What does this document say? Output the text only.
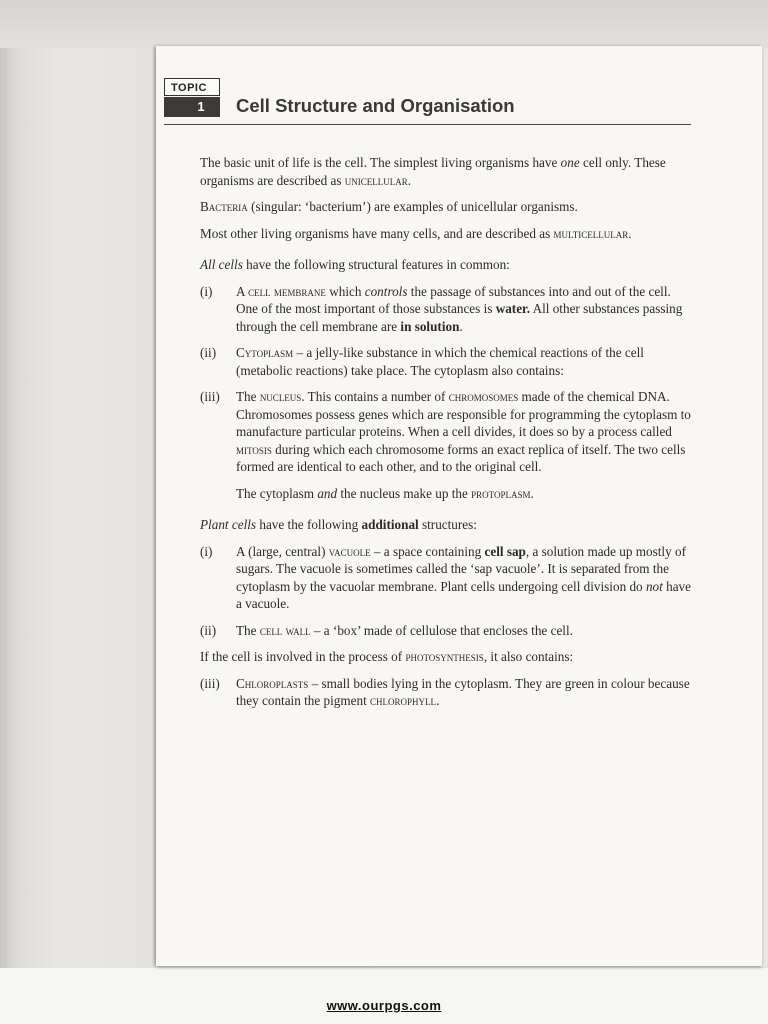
TOPIC
1	Cell Structure and Organisation

The basic unit of life is the cell. The simplest living organisms have one cell only. These organisms are described as unicellular.

Bacteria (singular: ‘bacterium’) are examples of unicellular organisms.

Most other living organisms have many cells, and are described as multicellular.

All cells have the following structural features in common:

(i) A cell membrane which controls the passage of substances into and out of the cell. One of the most important of those substances is water. All other substances passing through the cell membrane are in solution.
(ii) Cytoplasm – a jelly-like substance in which the chemical reactions of the cell (metabolic reactions) take place. The cytoplasm also contains:
(iii) The nucleus. This contains a number of chromosomes made of the chemical DNA. Chromosomes possess genes which are responsible for programming the cytoplasm to manufacture particular proteins. When a cell divides, it does so by a process called mitosis during which each chromosome forms an exact replica of itself. The two cells formed are identical to each other, and to the original cell.

The cytoplasm and the nucleus make up the protoplasm.

Plant cells have the following additional structures:

(i) A (large, central) vacuole – a space containing cell sap, a solution made up mostly of sugars. The vacuole is sometimes called the ‘sap vacuole’. It is separated from the cytoplasm by the vacuolar membrane. Plant cells undergoing cell division do not have a vacuole.
(ii) The cell wall – a ‘box’ made of cellulose that encloses the cell.

If the cell is involved in the process of photosynthesis, it also contains:

(iii) Chloroplasts – small bodies lying in the cytoplasm. They are green in colour because they contain the pigment chlorophyll.
www.ourpgs.com
